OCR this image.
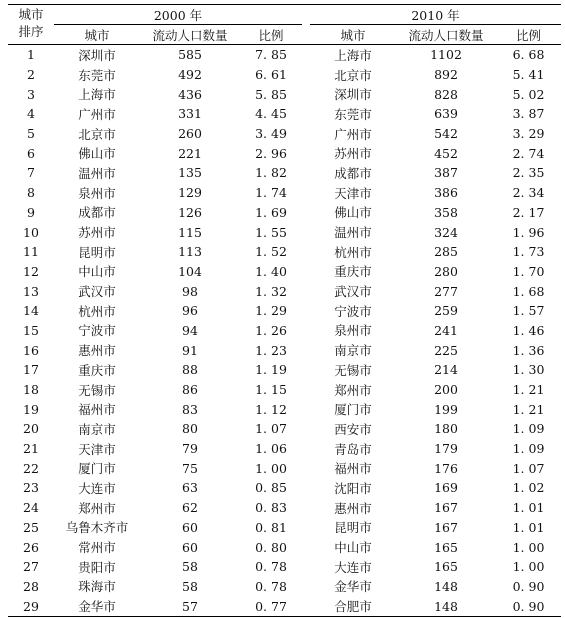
城市
排序	2000 年				2010 年		
	城市	流动人口数量	比例		城市	流动人口数量	比例
1	深圳市	585	7. 85		上海市	1102	6. 68
2	东莞市	492	6. 61		北京市	892	5. 41
3	上海市	436	5. 85		深圳市	828	5. 02
4	广州市	331	4. 45		东莞市	639	3. 87
5	北京市	260	3. 49		广州市	542	3. 29
6	佛山市	221	2. 96		苏州市	452	2. 74
7	温州市	135	1. 82		成都市	387	2. 35
8	泉州市	129	1. 74		天津市	386	2. 34
9	成都市	126	1. 69		佛山市	358	2. 17
10	苏州市	115	1. 55		温州市	324	1. 96
11	昆明市	113	1. 52		杭州市	285	1. 73
12	中山市	104	1. 40		重庆市	280	1. 70
13	武汉市	98	1. 32		武汉市	277	1. 68
14	杭州市	96	1. 29		宁波市	259	1. 57
15	宁波市	94	1. 26		泉州市	241	1. 46
16	惠州市	91	1. 23		南京市	225	1. 36
17	重庆市	88	1. 19		无锡市	214	1. 30
18	无锡市	86	1. 15		郑州市	200	1. 21
19	福州市	83	1. 12		厦门市	199	1. 21
20	南京市	80	1. 07		西安市	180	1. 09
21	天津市	79	1. 06		青岛市	179	1. 09
22	厦门市	75	1. 00		福州市	176	1. 07
23	大连市	63	0. 85		沈阳市	169	1. 02
24	郑州市	62	0. 83		惠州市	167	1. 01
25	乌鲁木齐市	60	0. 81		昆明市	167	1. 01
26	常州市	60	0. 80		中山市	165	1. 00
27	贵阳市	58	0. 78		大连市	165	1. 00
28	珠海市	58	0. 78		金华市	148	0. 90
29	金华市	57	0. 77		合肥市	148	0. 90
